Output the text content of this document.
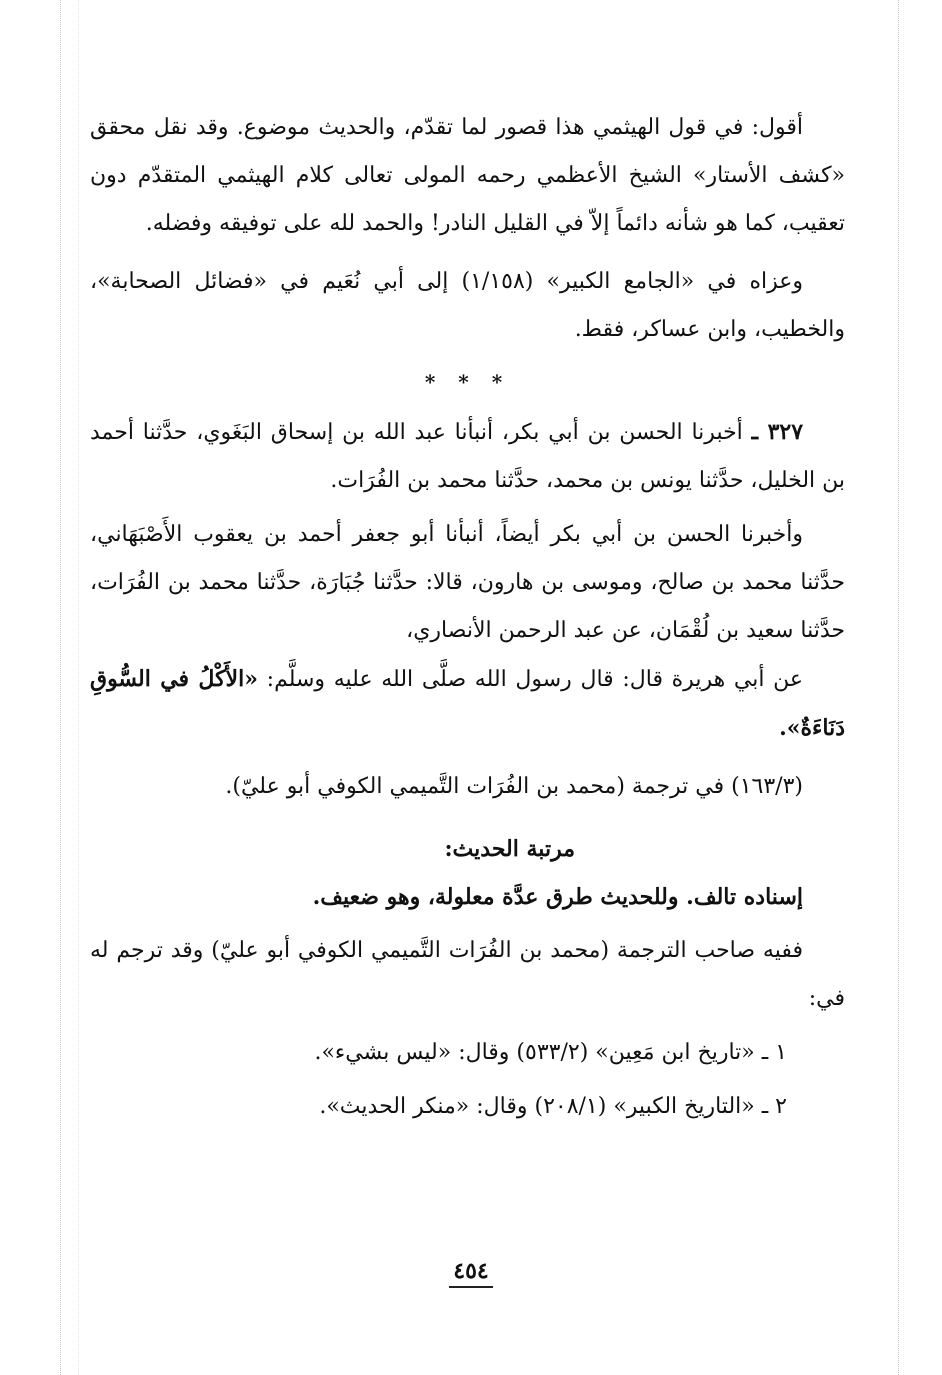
أقول: في قول الهيثمي هذا قصور لما تقدّم، والحديث موضوع. وقد نقل محقق «كشف الأستار» الشيخ الأعظمي رحمه المولى تعالى كلام الهيثمي المتقدّم دون تعقيب، كما هو شأنه دائماً إلاّ في القليل النادر! والحمد لله على توفيقه وفضله.

وعزاه في «الجامع الكبير» (١/١٥٨) إلى أبي نُعَيم في «فضائل الصحابة»، والخطيب، وابن عساكر، فقط.

* * *

٣٢٧ ـ أخبرنا الحسن بن أبي بكر، أنبأنا عبد الله بن إسحاق البَغَوي، حدَّثنا أحمد بن الخليل، حدَّثنا يونس بن محمد، حدَّثنا محمد بن الفُرَات.

وأخبرنا الحسن بن أبي بكر أيضاً، أنبأنا أبو جعفر أحمد بن يعقوب الأَصْبَهَاني، حدَّثنا محمد بن صالح، وموسى بن هارون، قالا: حدَّثنا جُبَارَة، حدَّثنا محمد بن الفُرَات، حدَّثنا سعيد بن لُقْمَان، عن عبد الرحمن الأنصاري،

عن أبي هريرة قال: قال رسول الله صلَّى الله عليه وسلَّم: «الأَكْلُ في السُّوقِ دَنَاءَةٌ».

(١٦٣/٣) في ترجمة (محمد بن الفُرَات التَّميمي الكوفي أبو عليّ).

مرتبة الحديث:

إسناده تالف. وللحديث طرق عدَّة معلولة، وهو ضعيف.

ففيه صاحب الترجمة (محمد بن الفُرَات التَّميمي الكوفي أبو عليّ) وقد ترجم له في:

١ ـ «تاريخ ابن مَعِين» (٥٣٣/٢) وقال: «ليس بشيء».

٢ ـ «التاريخ الكبير» (٢٠٨/١) وقال: «منكر الحديث».

٤٥٤
